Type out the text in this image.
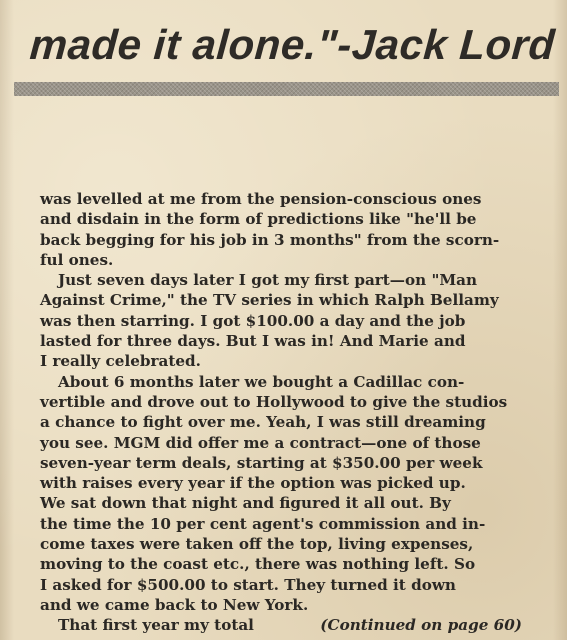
made it alone."-Jack Lord
was levelled at me from the pension-conscious ones
and disdain in the form of predictions like "he'll be
back begging for his job in 3 months" from the scorn-
ful ones.
Just seven days later I got my first part—on "Man
Against Crime," the TV series in which Ralph Bellamy
was then starring. I got $100.00 a day and the job
lasted for three days. But I was in! And Marie and
I really celebrated.
About 6 months later we bought a Cadillac con-
vertible and drove out to Hollywood to give the studios
a chance to fight over me. Yeah, I was still dreaming
you see. MGM did offer me a contract—one of those
seven-year term deals, starting at $350.00 per week
with raises every year if the option was picked up.
We sat down that night and figured it all out. By
the time the 10 per cent agent's commission and in-
come taxes were taken off the top, living expenses,
moving to the coast etc., there was nothing left. So
I asked for $500.00 to start. They turned it down
and we came back to New York.
That first year my total	(Continued on page 60)
